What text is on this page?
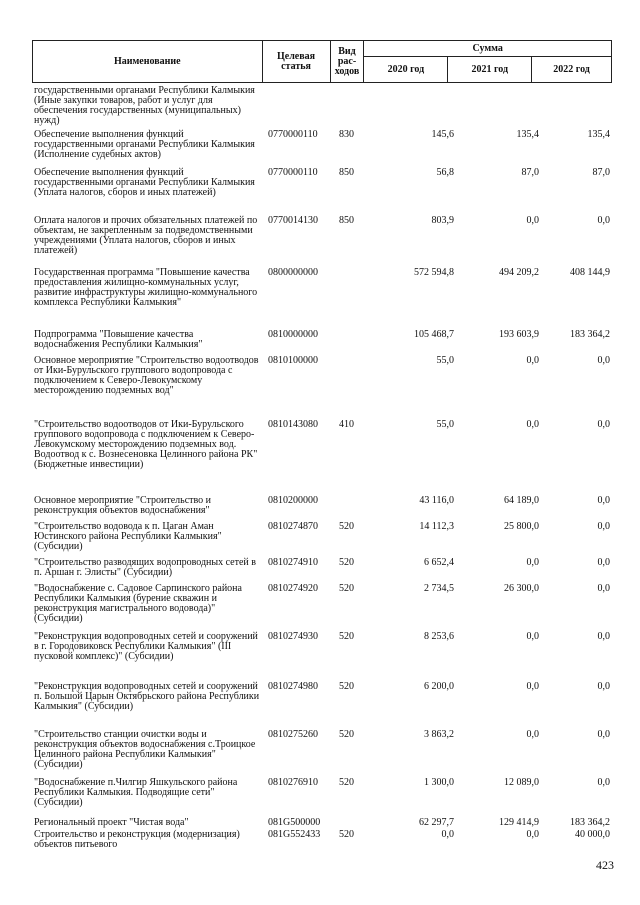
Наименование	Целевая статья	Вид рас-ходов	Сумма		
			2020 год	2021 год	2022 год
государственными органами Республики Калмыкия (Иные закупки товаров, работ и услуг для обеспечения государственных (муниципальных) нужд)
Обеспечение выполнения функций государственными органами Республики Калмыкия (Исполнение судебных актов)
0770000110	830	145,6	135,4	135,4
Обеспечение выполнения функций государственными органами Республики Калмыкия (Уплата налогов, сборов и иных платежей)
0770000110	850	56,8	87,0	87,0
Оплата налогов и прочих обязательных платежей по объектам, не закрепленным за подведомственными учреждениями (Уплата налогов, сборов и иных платежей)
0770014130	850	803,9	0,0	0,0
Государственная программа "Повышение качества предоставления жилищно-коммунальных услуг, развитие инфраструктуры жилищно-коммунального комплекса Республики Калмыкия"
0800000000	572 594,8	494 209,2	408 144,9
Подпрограмма "Повышение качества водоснабжения Республики Калмыкия"
0810000000	105 468,7	193 603,9	183 364,2
Основное мероприятие "Строительство водоотводов от Ики-Бурульского группового водопровода с подключением к Северо-Левокумскому месторождению подземных вод"
0810100000	55,0	0,0	0,0
"Строительство водоотводов от Ики-Бурульского группового водопровода с подключением к Северо-Левокумскому месторождению подземных вод. Водоотвод к с. Вознесеновка Целинного района РК" (Бюджетные инвестиции)
0810143080	410	55,0	0,0	0,0
Основное мероприятие "Строительство и реконструкция объектов водоснабжения"
0810200000	43 116,0	64 189,0	0,0
"Строительство водовода к п. Цаган Аман Юстинского района Республики Калмыкия" (Субсидии)
0810274870	520	14 112,3	25 800,0	0,0
"Строительство разводящих водопроводных сетей в п. Аршан г. Элисты" (Субсидии)
0810274910	520	6 652,4	0,0	0,0
"Водоснабжение с. Садовое Сарпинского района Республики Калмыкия (бурение скважин и реконструкция магистрального водовода)" (Субсидии)
0810274920	520	2 734,5	26 300,0	0,0
"Реконструкция водопроводных сетей и сооружений в г. Городовиковск Республики Калмыкия" (III пусковой комплекс)" (Субсидии)
0810274930	520	8 253,6	0,0	0,0
"Реконструкция водопроводных сетей и сооружений п. Большой Царын Октябрьского района Республики Калмыкия" (Субсидии)
0810274980	520	6 200,0	0,0	0,0
"Строительство станции очистки воды и реконструкция объектов водоснабжения с.Троицкое Целинного района Республики Калмыкия" (Субсидии)
0810275260	520	3 863,2	0,0	0,0
"Водоснабжение п.Чилгир Яшкульского района Республики Калмыкия. Подводящие сети" (Субсидии)
0810276910	520	1 300,0	12 089,0	0,0
Региональный проект "Чистая вода"	081G500000	62 297,7	129 414,9	183 364,2
Строительство и реконструкция (модернизация) объектов питьевого
081G552433	520	0,0	0,0	40 000,0
423
